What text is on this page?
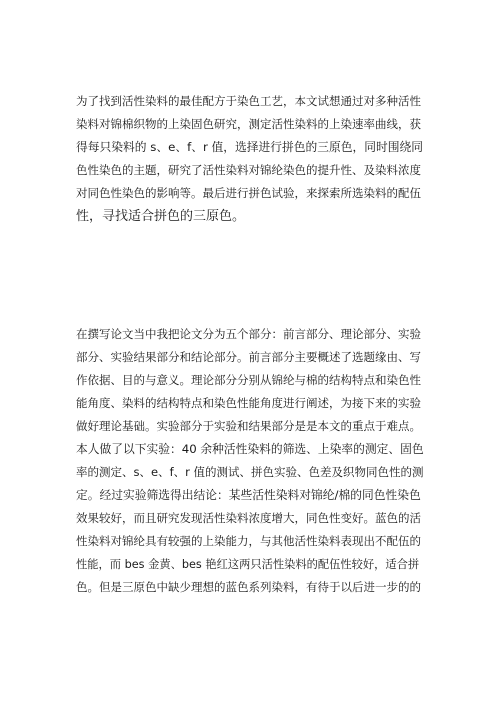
为了找到活性染料的最佳配方于染色工艺，本文试想通过对多种活性
染料对锦棉织物的上染固色研究，测定活性染料的上染速率曲线，获
得每只染料的 s、e、f、r 值，选择进行拼色的三原色，同时围绕同
色性染色的主题，研究了活性染料对锦纶染色的提升性、及染料浓度
对同色性染色的影响等。最后进行拼色试验，来探索所选染料的配伍
性，寻找适合拼色的三原色。
在撰写论文当中我把论文分为五个部分：前言部分、理论部分、实验
部分、实验结果部分和结论部分。前言部分主要概述了选题缘由、写
作依据、目的与意义。理论部分分别从锦纶与棉的结构特点和染色性
能角度、染料的结构特点和染色性能角度进行阐述，为接下来的实验
做好理论基础。实验部分于实验和结果部分是是本文的重点于难点。
本人做了以下实验：40 余种活性染料的筛选、上染率的测定、固色
率的测定、s、e、f、r 值的测试、拼色实验、色差及织物同色性的测
定。经过实验筛选得出结论：某些活性染料对锦纶/棉的同色性染色
效果较好，而且研究发现活性染料浓度增大，同色性变好。蓝色的活
性染料对锦纶具有较强的上染能力，与其他活性染料表现出不配伍的
性能，而 bes 金黄、bes 艳红这两只活性染料的配伍性较好，适合拼
色。但是三原色中缺少理想的蓝色系列染料，有待于以后进一步的的
